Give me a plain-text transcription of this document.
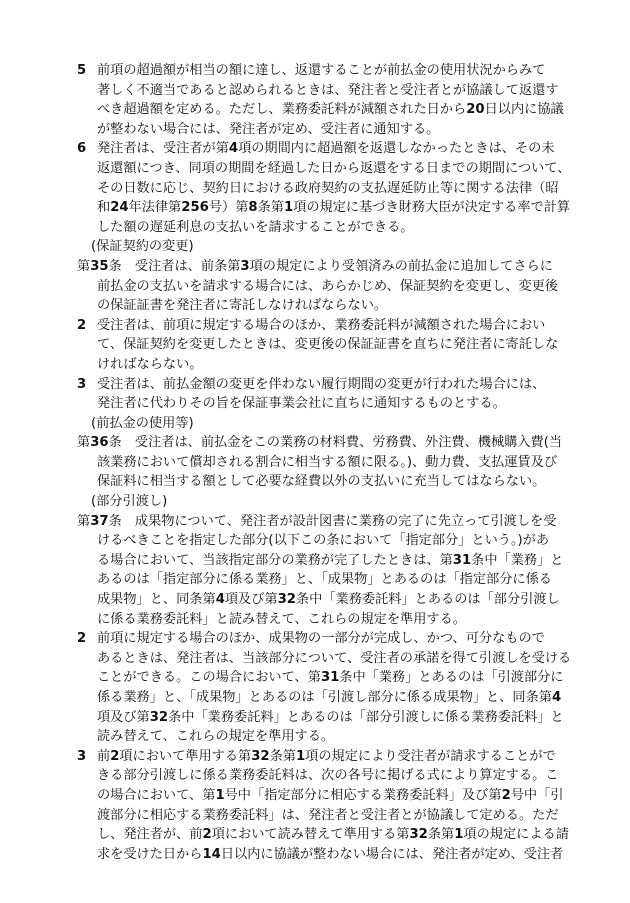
5 前項の超過額が相当の額に達し、返還することが前払金の使用状況からみて
著しく不適当であると認められるときは、発注者と受注者とが協議して返還す
べき超過額を定める。ただし、業務委託料が減額された日から20日以内に協議
が整わない場合には、発注者が定め、受注者に通知する。
6 発注者は、受注者が第4項の期間内に超過額を返還しなかったときは、その未
返還額につき、同項の期間を経過した日から返還をする日までの期間について、
その日数に応じ、契約日における政府契約の支払遅延防止等に関する法律（昭
和24年法律第256号）第8条第1項の規定に基づき財務大臣が決定する率で計算
した額の遅延利息の支払いを請求することができる。
(保証契約の変更)
第35条　受注者は、前条第3項の規定により受領済みの前払金に追加してさらに
前払金の支払いを請求する場合には、あらかじめ、保証契約を変更し、変更後
の保証証書を発注者に寄託しなければならない。
2 受注者は、前項に規定する場合のほか、業務委託料が減額された場合におい
て、保証契約を変更したときは、変更後の保証証書を直ちに発注者に寄託しな
ければならない。
3 受注者は、前払金額の変更を伴わない履行期間の変更が行われた場合には、
発注者に代わりその旨を保証事業会社に直ちに通知するものとする。
(前払金の使用等)
第36条　受注者は、前払金をこの業務の材料費、労務費、外注費、機械購入費(当
該業務において償却される割合に相当する額に限る。)、動力費、支払運賃及び
保証料に相当する額として必要な経費以外の支払いに充当してはならない。
(部分引渡し)
第37条　成果物について、発注者が設計図書に業務の完了に先立って引渡しを受
けるべきことを指定した部分(以下この条において「指定部分」という。)があ
る場合において、当該指定部分の業務が完了したときは、第31条中「業務」と
あるのは「指定部分に係る業務」と、「成果物」とあるのは「指定部分に係る
成果物」と、同条第4項及び第32条中「業務委託料」とあるのは「部分引渡し
に係る業務委託料」と読み替えて、これらの規定を準用する。
2 前項に規定する場合のほか、成果物の一部分が完成し、かつ、可分なもので
あるときは、発注者は、当該部分について、受注者の承諾を得て引渡しを受ける
ことができる。この場合において、第31条中「業務」とあるのは「引渡部分に
係る業務」と、「成果物」とあるのは「引渡し部分に係る成果物」と、同条第4
項及び第32条中「業務委託料」とあるのは「部分引渡しに係る業務委託料」と
読み替えて、これらの規定を準用する。
3 前2項において準用する第32条第1項の規定により受注者が請求することがで
きる部分引渡しに係る業務委託料は、次の各号に掲げる式により算定する。こ
の場合において、第1号中「指定部分に相応する業務委託料」及び第2号中「引
渡部分に相応する業務委託料」は、発注者と受注者とが協議して定める。ただ
し、発注者が、前2項において読み替えて準用する第32条第1項の規定による請
求を受けた日から14日以内に協議が整わない場合には、発注者が定め、受注者
